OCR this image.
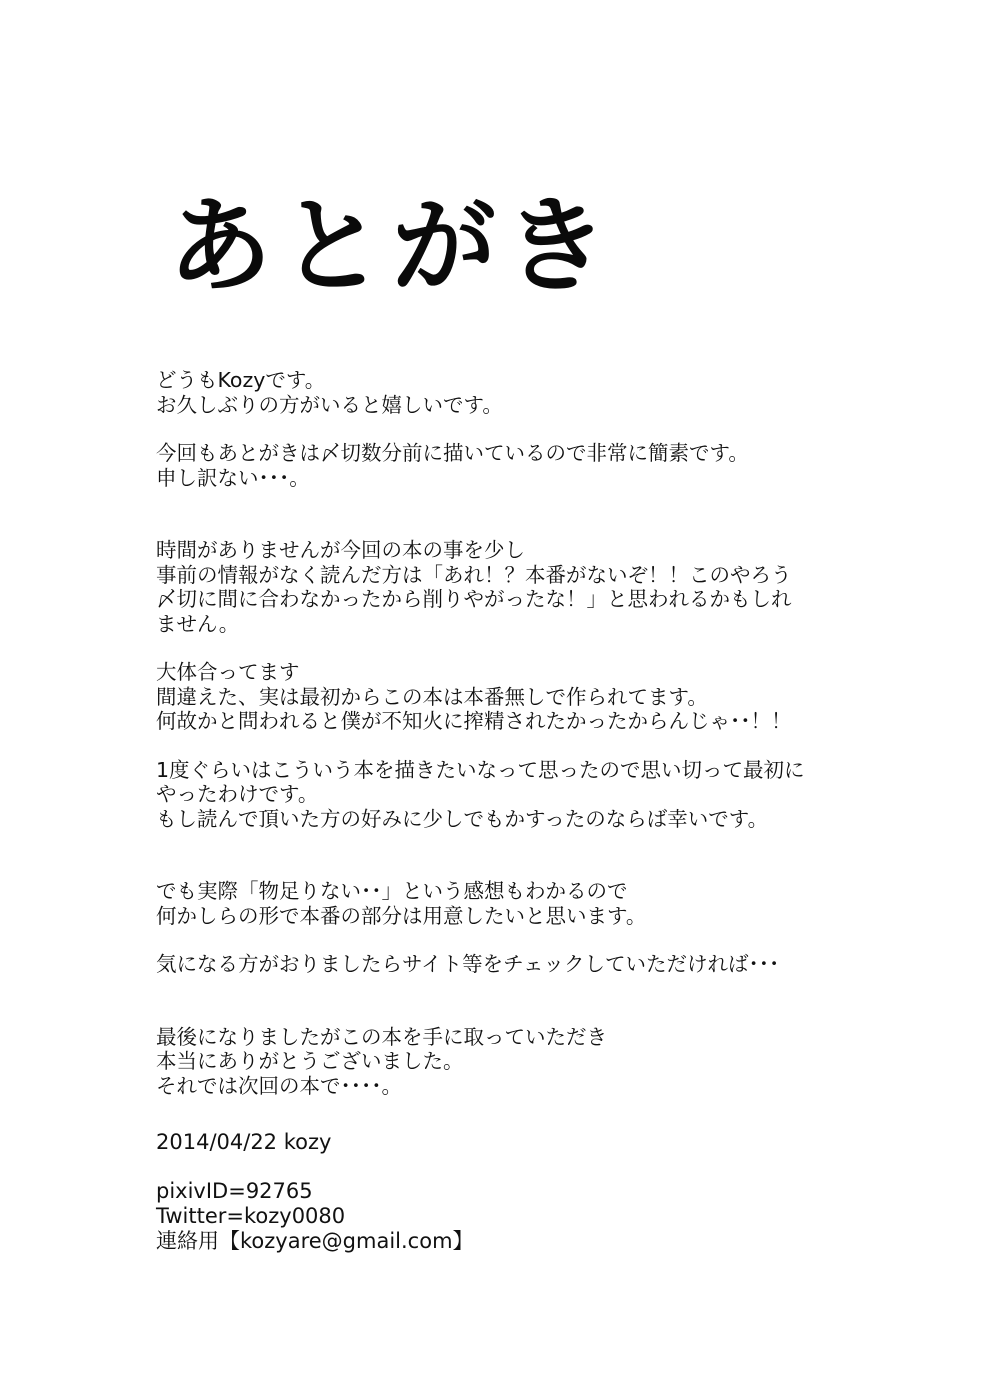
あとがき

どうもKozyです。
お久しぶりの方がいると嬉しいです。

今回もあとがきは〆切数分前に描いているので非常に簡素です。
申し訳ない･･･。

時間がありませんが今回の本の事を少し
事前の情報がなく読んだ方は「あれ！？本番がないぞ！！このやろう
〆切に間に合わなかったから削りやがったな！」と思われるかもしれ
ません。

大体合ってます
間違えた、実は最初からこの本は本番無しで作られてます。
何故かと問われると僕が不知火に搾精されたかったからんじゃ･･！！

1度ぐらいはこういう本を描きたいなって思ったので思い切って最初に
やったわけです。
もし読んで頂いた方の好みに少しでもかすったのならば幸いです。

でも実際「物足りない･･」という感想もわかるので
何かしらの形で本番の部分は用意したいと思います。

気になる方がおりましたらサイト等をチェックしていただければ･･･

最後になりましたがこの本を手に取っていただき
本当にありがとうございました。
それでは次回の本で････。

2014/04/22 kozy
pixivID=92765
Twitter=kozy0080
連絡用【kozyare@gmail.com】
